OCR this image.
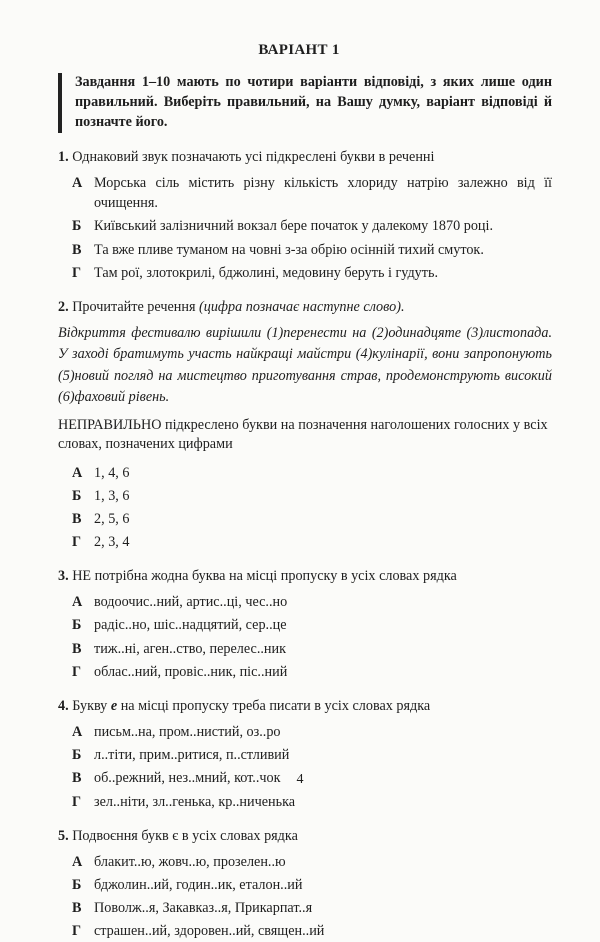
ВАРІАНТ 1
Завдання 1–10 мають по чотири варіанти відповіді, з яких лише один правильний. Виберіть правильний, на Вашу думку, варіант відповіді й позначте його.
1. Однаковий звук позначають усі підкреслені букви в реченні
А Морська сіль містить різну кількість хлориду натрію залежно від її очищення.
Б Київський залізничний вокзал бере початок у далекому 1870 році.
В Та вже пливе туманом на човні з-за обрію осінній тихий смуток.
Г Там рої, злотокрилі, бджолині, медовину беруть і гудуть.
2. Прочитайте речення (цифра позначає наступне слово).
Відкриття фестивалю вирішили (1)перенести на (2)одинадцяте (3)листопада. У заході братимуть участь найкращі майстри (4)кулінарії, вони запропонують (5)новий погляд на мистецтво приготування страв, продемонструють високий (6)фаховий рівень.
НЕПРАВИЛЬНО підкреслено букви на позначення наголошених голосних у всіх словах, позначених цифрами
А 1, 4, 6
Б 1, 3, 6
В 2, 5, 6
Г 2, 3, 4
3. НЕ потрібна жодна буква на місці пропуску в усіх словах рядка
А водоочис..ний, артис..ці, чес..но
Б радіс..но, шіс..надцятий, сер..це
В тиж..ні, аген..ство, перелес..ник
Г облас..ний, провіс..ник, піс..ний
4. Букву е на місці пропуску треба писати в усіх словах рядка
А письм..на, пром..нистий, оз..ро
Б л..тіти, прим..ритися, п..стливий
В об..режний, нез..мний, кот..чок
Г зел..ніти, зл..генька, кр..ниченька
5. Подвоєння букв є в усіх словах рядка
А блакит..ю, жовч..ю, прозелен..ю
Б бджолин..ий, годин..ик, еталон..ий
В Поволж..я, Закавказ..я, Прикарпат..я
Г страшен..ий, здоровен..ий, священ..ий
4
